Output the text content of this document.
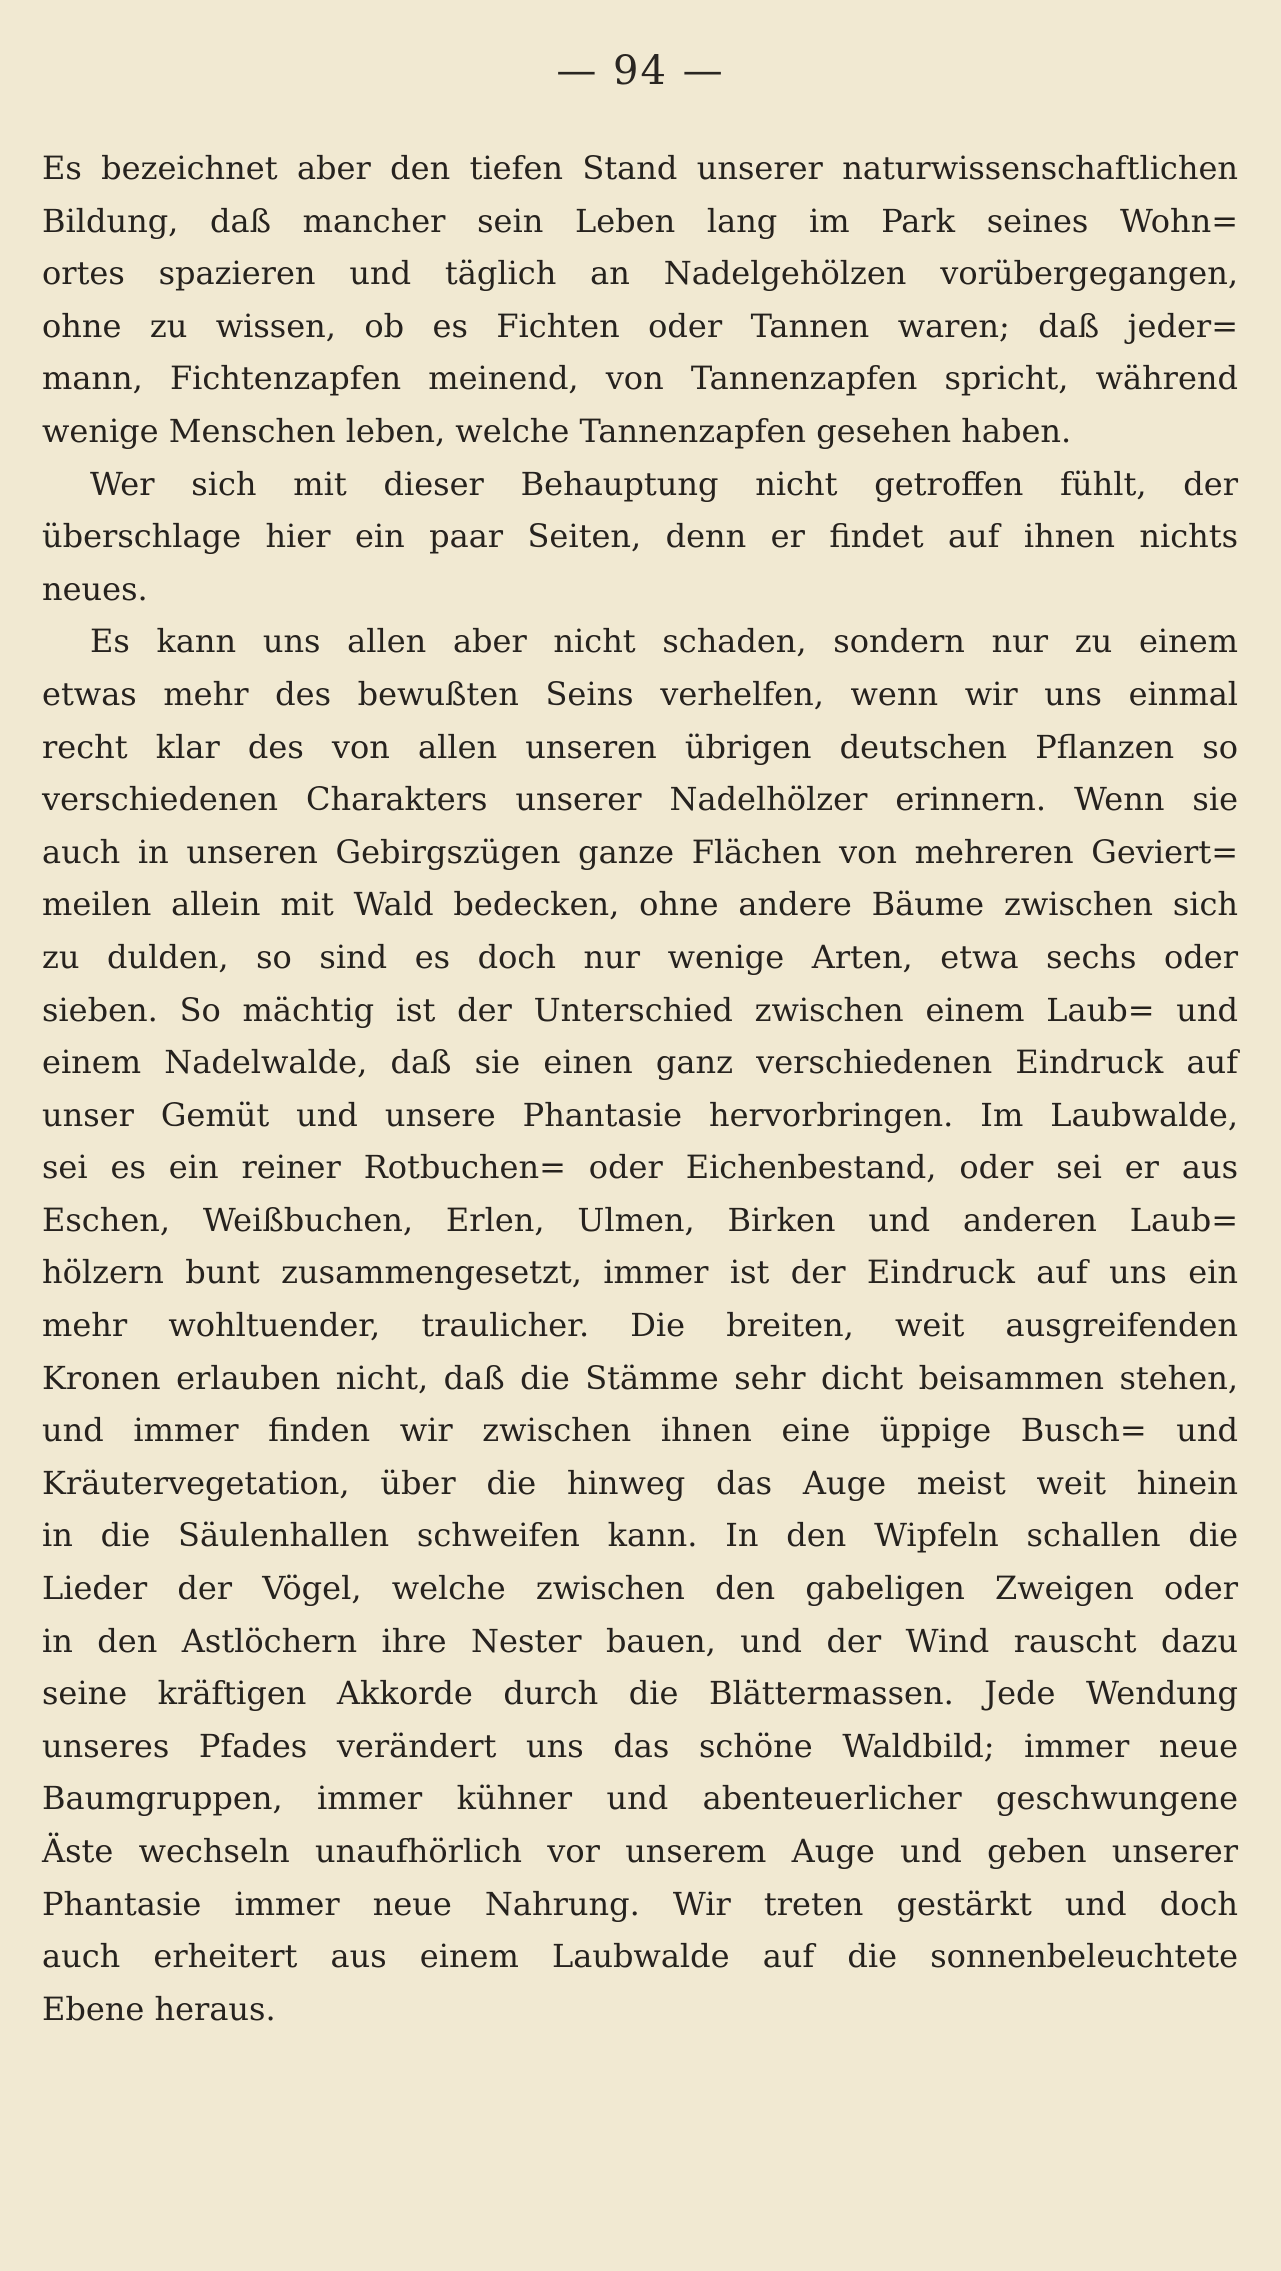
— 94 —
Es bezeichnet aber den tiefen Stand unserer naturwissenschaftlichen
Bildung, daß mancher sein Leben lang im Park seines Wohn=
ortes spazieren und täglich an Nadelgehölzen vorübergegangen,
ohne zu wissen, ob es Fichten oder Tannen waren; daß jeder=
mann, Fichtenzapfen meinend, von Tannenzapfen spricht, während
wenige Menschen leben, welche Tannenzapfen gesehen haben.
Wer sich mit dieser Behauptung nicht getroffen fühlt, der
überschlage hier ein paar Seiten, denn er findet auf ihnen nichts
neues.
Es kann uns allen aber nicht schaden, sondern nur zu einem
etwas mehr des bewußten Seins verhelfen, wenn wir uns einmal
recht klar des von allen unseren übrigen deutschen Pflanzen so
verschiedenen Charakters unserer Nadelhölzer erinnern. Wenn sie
auch in unseren Gebirgszügen ganze Flächen von mehreren Geviert=
meilen allein mit Wald bedecken, ohne andere Bäume zwischen sich
zu dulden, so sind es doch nur wenige Arten, etwa sechs oder
sieben. So mächtig ist der Unterschied zwischen einem Laub= und
einem Nadelwalde, daß sie einen ganz verschiedenen Eindruck auf
unser Gemüt und unsere Phantasie hervorbringen. Im Laubwalde,
sei es ein reiner Rotbuchen= oder Eichenbestand, oder sei er aus
Eschen, Weißbuchen, Erlen, Ulmen, Birken und anderen Laub=
hölzern bunt zusammengesetzt, immer ist der Eindruck auf uns ein
mehr wohltuender, traulicher. Die breiten, weit ausgreifenden
Kronen erlauben nicht, daß die Stämme sehr dicht beisammen stehen,
und immer finden wir zwischen ihnen eine üppige Busch= und
Kräutervegetation, über die hinweg das Auge meist weit hinein
in die Säulenhallen schweifen kann. In den Wipfeln schallen die
Lieder der Vögel, welche zwischen den gabeligen Zweigen oder
in den Astlöchern ihre Nester bauen, und der Wind rauscht dazu
seine kräftigen Akkorde durch die Blättermassen. Jede Wendung
unseres Pfades verändert uns das schöne Waldbild; immer neue
Baumgruppen, immer kühner und abenteuerlicher geschwungene
Äste wechseln unaufhörlich vor unserem Auge und geben unserer
Phantasie immer neue Nahrung. Wir treten gestärkt und doch
auch erheitert aus einem Laubwalde auf die sonnenbeleuchtete
Ebene heraus.
